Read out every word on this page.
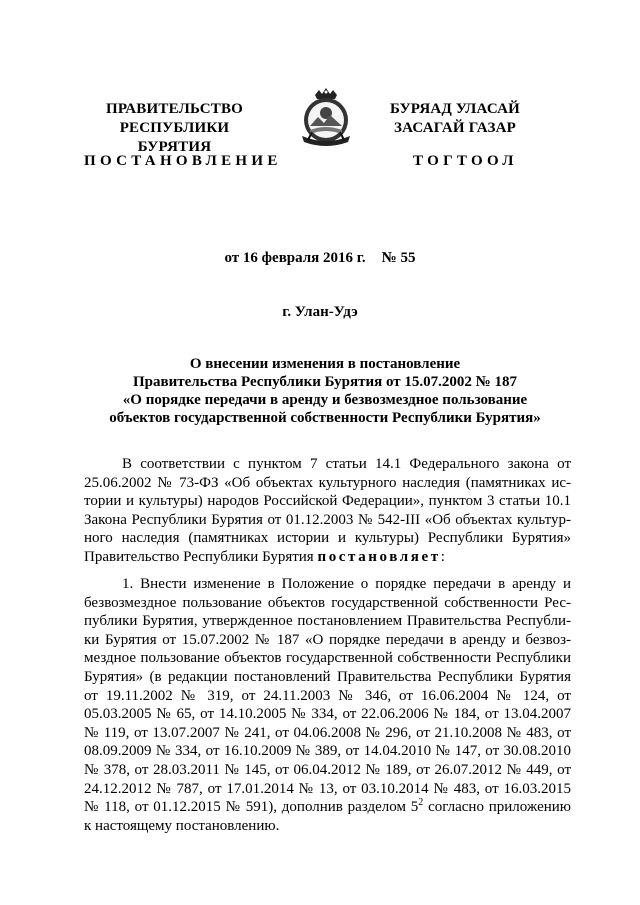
ПРАВИТЕЛЬСТВО
РЕСПУБЛИКИ БУРЯТИЯ
БУРЯАД УЛАСАЙ
ЗАСАГАЙ ГАЗАР
ПОСТАНОВЛЕНИЕ	ТОГТООЛ
от 16 февраля 2016 г. № 55
г. Улан-Удэ
О внесении изменения в постановление
Правительства Республики Бурятия от 15.07.2002 № 187
«О порядке передачи в аренду и безвозмездное пользование
объектов государственной собственности Республики Бурятия»
В соответствии с пунктом 7 статьи 14.1 Федерального закона от
25.06.2002 № 73-ФЗ «Об объектах культурного наследия (памятниках ис-
тории и культуры) народов Российской Федерации», пунктом 3 статьи 10.1
Закона Республики Бурятия от 01.12.2003 № 542-III «Об объектах культур-
ного наследия (памятниках истории и культуры) Республики Бурятия»
Правительство Республики Бурятия постановляет:
1. Внести изменение в Положение о порядке передачи в аренду и
безвозмездное пользование объектов государственной собственности Рес-
публики Бурятия, утвержденное постановлением Правительства Республи-
ки Бурятия от 15.07.2002 № 187 «О порядке передачи в аренду и безвоз-
мездное пользование объектов государственной собственности Республики
Бурятия» (в редакции постановлений Правительства Республики Бурятия
от 19.11.2002 № 319, от 24.11.2003 № 346, от 16.06.2004 № 124, от
05.03.2005 № 65, от 14.10.2005 № 334, от 22.06.2006 № 184, от 13.04.2007
№ 119, от 13.07.2007 № 241, от 04.06.2008 № 296, от 21.10.2008 № 483, от
08.09.2009 № 334, от 16.10.2009 № 389, от 14.04.2010 № 147, от 30.08.2010
№ 378, от 28.03.2011 № 145, от 06.04.2012 № 189, от 26.07.2012 № 449, от
24.12.2012 № 787, от 17.01.2014 № 13, от 03.10.2014 № 483, от 16.03.2015
№ 118, от 01.12.2015 № 591), дополнив разделом $5^2$ согласно приложению
к настоящему постановлению.
